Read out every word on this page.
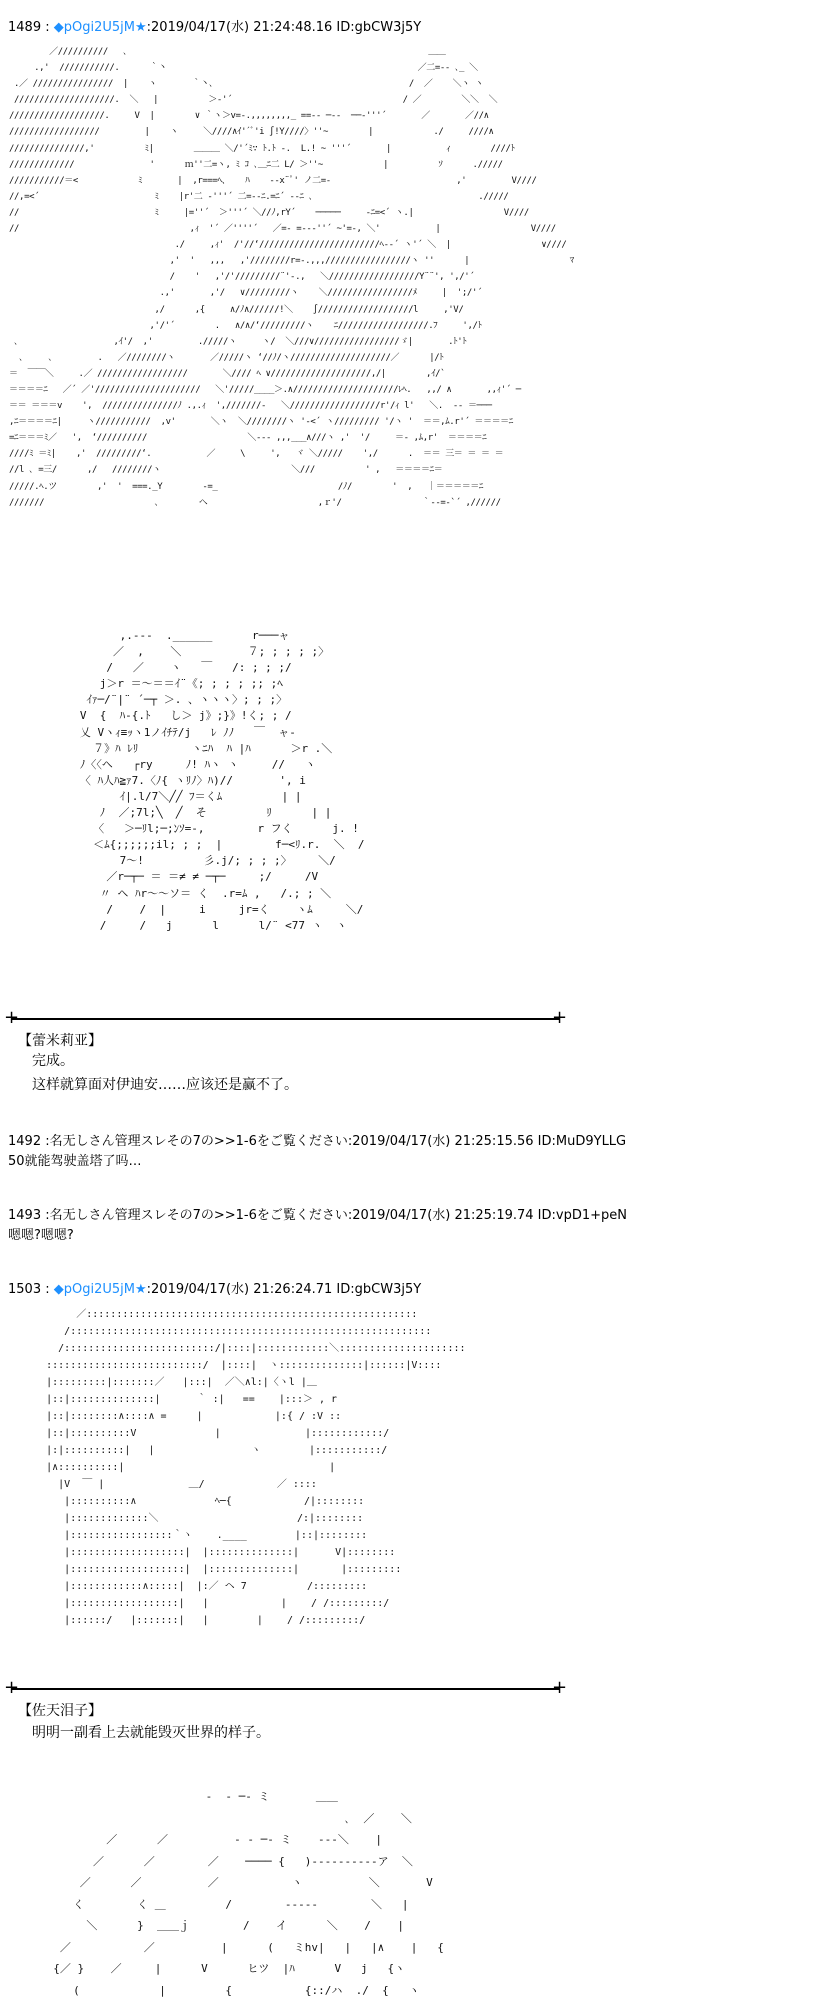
1489 : ◆pOgi2U5jM★:2019/04/17(水) 21:24:48.16 ID:gbCW3j5Y
／//////////   ､                                                            ＿＿
.,'  ///////////.      ｀丶                                                  ／二=-‐ ､_ ＼
.／ ////////////////  |    ヽ       ｀丶､                                       /  ／    ＼ヽ ヽ
////////////////////.  ＼   |          ＞‐'´                                  / ／        ＼＼  ＼
///////////////////.     V  |        ∨ ｀ヽ＞v=‐.,,,,,,,,_ ==‐‐ ─‐‐  ──‐'''´       ／       ／//∧
//////////////////         |    ヽ     ＼////∧ｲ'´ﾞ'i ∫!Y////〉''~        |            ./     ////∧
///////////////,'          ﾐ|        ＿＿＿ ＼/'´ﾐ∵ ﾄ.ﾄ -.  L.! ~ '''´       |           ｨ        ////ﾄ
/////////////               '      ｍ''二=ヽ, ﾐ ｺ ､＿ﾆ二 L/ ＞''~            |          ｿ      ./////
///////////＝<            ﾐ       |  ,r===ﾍ、   ﾊ    ‐‐x¨ﾟ' ノ二=‐                         ,'         V////
//,=<´                       ﾐ    |r'二 ‐'''´ 二=-‐ﾆ.=ﾆ´ ‐‐ﾆ ､                                 ./////
//                           ﾐ     |=''´  ＞'''´ ＼//ﾉ,rY´    ─────     ‐ﾆ=<´ ヽ.|                  V////
//                                  ,ｨ  '´ ／''''´   ／=‐ =‐‐‐''´ ~'=-, ＼'           |                  V////
./     ,ｨ'  /'//‘////////////////////////ﾍ-‐´ ヽ'´ ＼  |                  ∨////
,'  '   ,,,   ,'////////r=‐.,,,/////////////////ヽ ''      |                    ﾏ
/    '   ,'/'/////////¨'‐.,   ＼//////////////////Y¨¨', ',/'´
.,'       ,'/   ∨/////////ヽ    ＼/////////////////ﾒ     |  ';/'´
,/      ,{     ∧/ﾉ∧//////!＼    ∫///////////////////l     ,'V/
,'/'´        .   ∧/∧/‘/////////ヽ    ﾆ//////////////////.ﾌ     ',/ﾄ
､                   ,ｲ'/  ,'         ./////ヽ     ヽ/  ＼///∨/////////////////ゞ|       .ﾄ'ﾄ
､     ､         .   ／////////ヽ       ／/////ヽ ‘//ﾉ/ヽ////////////////////／      |/ﾄ
＝  ￣￣＼     .／ //////////////////       ＼//// ﾍ ∨////////////////////,/|        ,ｲ/`
＝＝＝＝ﾆ   ／´ ／'/////////////////////   ＼'/////____＞.∧/////////////////////ﾚﾍ.   ,,/ ∧       ,,ｨ'´ ─
＝＝ ＝＝＝v    ',  ///////////////ﾉ .,.ｨ  ',///////‐   ＼//////////////////r'/ｨ l'   ＼.  ‐‐ ＝───
,ﾆ＝＝＝＝ﾆ|     ヽ///////////  ,v'       ＼ヽ  ＼////////ヽ '‐<´ ヽ///////// '/ヽ '  ＝＝,ﾑ.r'´ ＝＝＝＝ﾆ
=ﾆ＝＝＝ﾐ／   ',  ‘//////////                    ＼‐‐‐ ,,,___∧///ヽ ,'  '/     ＝- ,ﾑ,r'  ＝＝＝＝ﾆ
////ﾐ ＝ﾐ|    ,'  /////////‘.           ／     \     ',   ヾ ＼/////    ',/      .  ＝＝ 三＝ ＝ ＝ ＝
//l ､ =三/      ,/   ////////ヽ                          ＼///          ' ,   ＝＝＝＝ﾆ＝
/////.ﾍ.ツ        ,'  '  ===._Y        ‐=_                        /ﾉ/        '  ,   ｜＝＝＝＝＝ﾆ
///////                      ､        ヘ                      ,ｒ'/                ｀‐‐=‐`´ ,//////
,.‐‐‐  .______      r───ャ
／  ,    ＼          ７; ; ; ; ;〉
/   ／    ヽ   ￣   /: ; ; ;/
j＞r ＝～＝＝ｲ¨《; ; ; ; ;; ;ﾍ
ｲｧ─/¨|¨ ´─┬ ＞. 、ヽヽヽ〉; ; ;〉
V  {  ﾊ-{.ﾄ   し＞ j》;}》!く; ; /
乂 Vヽｨ≡ｯヽ1ノｲﾁﾃ/j   ﾚ ﾉﾉ   ￣  ャ-
７》ﾊ ﾚﾘ        ヽﾆﾊ  ﾊ |ﾊ      ＞r .＼
ﾉ〈〈ヘ   ┌ry     ﾉ! ﾊヽ ヽ     //   ヽ
〈 ﾊ人ﾊ≧ｧ7.〈ﾉ{ ヽﾘﾉ〉ﾊ)//       ', i
ｲ|.l/7＼╱╱ ﾌ＝くﾑ         | |
ﾉ  ／;7l;╲  ╱  そ         ﾘ      | |
〈   ＞─ﾘl;─;ﾝｿ=-,        r フく      j. !
＜ﾑ{;;;;;;il; ; ;  |        f─<ﾘ.r.  ＼  /
7～!         彡.j/; ; ; ;〉    ＼/
／r─┬─ ＝ ＝≠ ≠ ─┬─     ;/     /V
〃 ヘ ﾊr～～ソ＝ く  .r=ﾑ ,   /.; ; ＼
/    /  |     i     jr=く    ヽﾑ     ＼/
/     /   j      l      l/¨ <77 ヽ  ヽ
+	+
【蕾米莉亚】
完成。
这样就算面对伊迪安……应该还是赢不了。
1492 :名无しさん管理スレその7の>>1-6をご覧ください:2019/04/17(水) 21:25:15.56 ID:MuD9YLLG
50就能驾驶盖塔了吗…
1493 :名无しさん管理スレその7の>>1-6をご覧ください:2019/04/17(水) 21:25:19.74 ID:vpD1+peN
嗯嗯?嗯嗯?
1503 : ◆pOgi2U5jM★:2019/04/17(水) 21:26:24.71 ID:gbCW3j5Y
／:::::::::::::::::::::::::::::::::::::::::::::::::::::::
/::::::::::::::::::::::::::::::::::::::::::::::::::::::::::::
/:::::::::::::::::::::::::/|::::|::::::::::::＼:::::::::::::::::::::
::::::::::::::::::::::::::/  |::::|  ヽ::::::::::::::|::::::|V::::
|:::::::::|:::::::／   |:::|  ／＼∧l:|〈ヽl |＿
|::|::::::::::::::|      ｀ :|   ==    |:::＞ , r
|::|::::::::∧::::∧ =     |            |:{ / :V ::
|::|::::::::::V             |              |::::::::::::/
|:|::::::::::|   |                ヽ        |:::::::::::/
|∧::::::::::|                                  |
|V  ￣ |              ＿/            ／ ::::
|::::::::::∧             ﾍ─{            /|::::::::
|:::::::::::::＼                       /:|::::::::
|:::::::::::::::::｀ヽ    .____        |::|::::::::
|:::::::::::::::::::|  |::::::::::::::|      V|::::::::
|:::::::::::::::::::|  |::::::::::::::|       |:::::::::
|::::::::::::∧:::::|  |:／ ヘ 7          /:::::::::
|::::::::::::::::::|   |            |    / /:::::::::/
|::::::/   |:::::::|   |        |    / /:::::::::/
+	+
【佐天泪子】
明明一副看上去就能毁灭世界的样子。
‐  ‐ ─‐ ミ       ＿＿
､  ／    ＼
／      ／          ‐ ‐ ─‐ ミ    ‐‐‐＼    |
／      ／        ／    ──── {   )‐‐‐‐‐‐‐‐‐‐ア  ＼
／      ／          ／           ヽ          ＼       V
く        く ＿         /        ‐‐‐‐‐        ＼   |
＼      }  ＿＿ｊ        /    イ      ＼    /    |
／           ／          |      (   ミhv|   |   |∧    |   {
{／ }    ／     |      V      ヒツ  |ﾊ      V   j   {ヽ
(            |         {           {::/ハ  ./  {   ヽ
